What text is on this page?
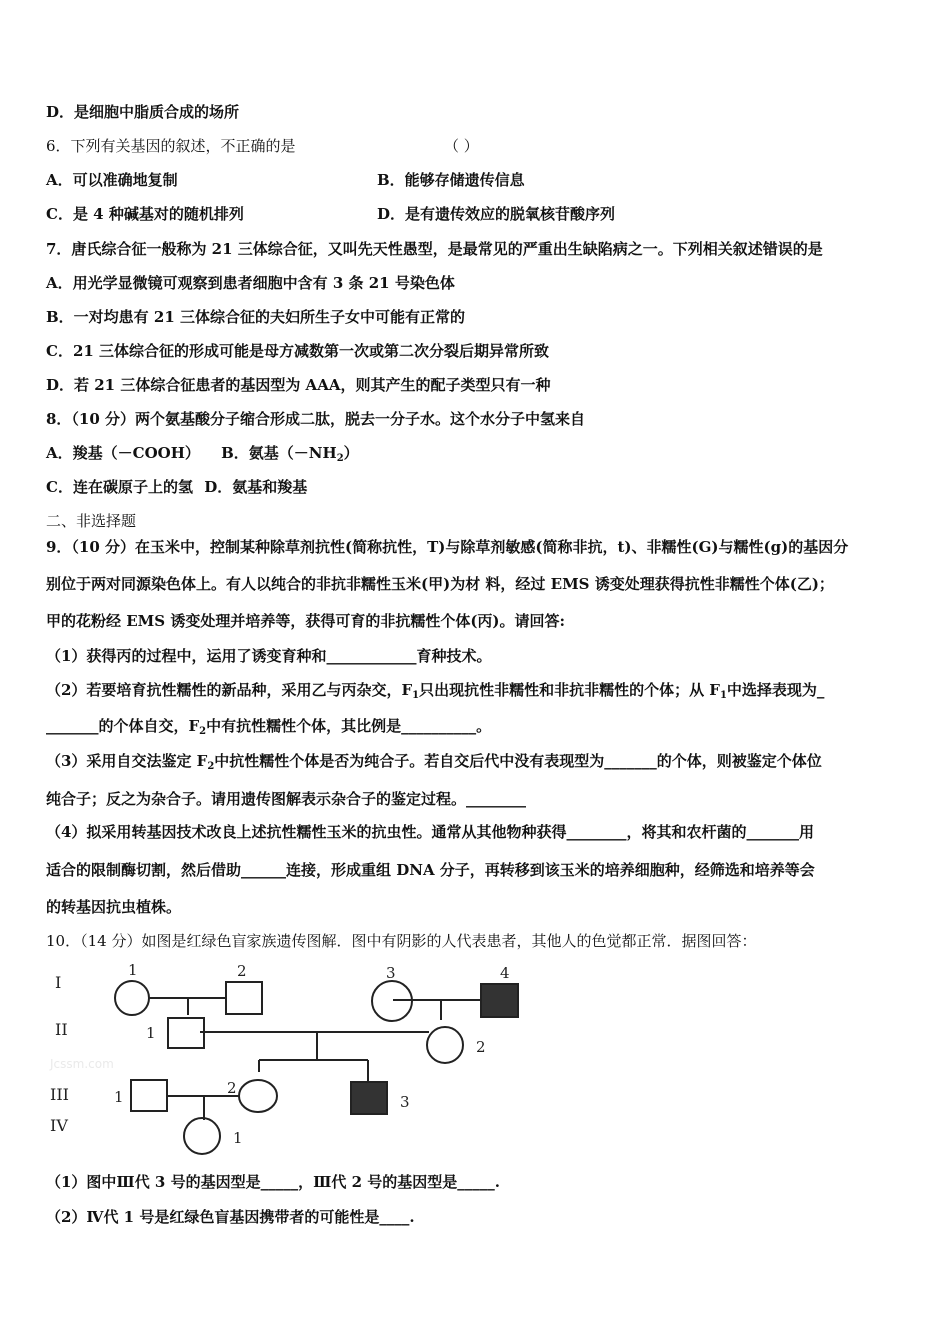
D．是细胞中脂质合成的场所
6．下列有关基因的叙述，不正确的是	（ ）
A．可以准确地复制	B．能够存储遗传信息
C．是 4 种碱基对的随机排列	D．是有遗传效应的脱氧核苷酸序列
7．唐氏综合征一般称为 21 三体综合征，又叫先天性愚型，是最常见的严重出生缺陷病之一。下列相关叙述错误的是
A．用光学显微镜可观察到患者细胞中含有 3 条 21 号染色体
B．一对均患有 21 三体综合征的夫妇所生子女中可能有正常的
C．21 三体综合征的形成可能是母方减数第一次或第二次分裂后期异常所致
D．若 21 三体综合征患者的基因型为 AAA，则其产生的配子类型只有一种
8．（10 分）两个氨基酸分子缩合形成二肽，脱去一分子水。这个水分子中氢来自
A．羧基（－COOH） B．氨基$(-NH_2)$
C．连在碳原子上的氢 D．氨基和羧基
二、非选择题
9．（10 分）在玉米中，控制某种除草剂抗性(简称抗性，T)与除草剂敏感(简称非抗，t)、非糯性(G)与糯性(g)的基因分
别位于两对同源染色体上。有人以纯合的非抗非糯性玉米(甲)为材 料，经过 EMS 诱变处理获得抗性非糯性个体(乙)；
甲的花粉经 EMS 诱变处理并培养等，获得可育的非抗糯性个体(丙)。请回答:
（1）获得丙的过程中，运用了诱变育种和____________育种技术。
（2）若要培育抗性糯性的新品种，采用乙与丙杂交，$F_1$只出现抗性非糯性和非抗非糯性的个体；从 $F_1$中选择表现为_
_______的个体自交，$F_2$中有抗性糯性个体，其比例是__________。
（3）采用自交法鉴定 $F_2$中抗性糯性个体是否为纯合子。若自交后代中没有表现型为_______的个体，则被鉴定个体位
纯合子；反之为杂合子。请用遗传图解表示杂合子的鉴定过程。________
（4）拟采用转基因技术改良上述抗性糯性玉米的抗虫性。通常从其他物种获得________，将其和农杆菌的_______用
适合的限制酶切割，然后借助______连接，形成重组 DNA 分子，再转移到该玉米的培养细胞种，经筛选和培养等会
的转基因抗虫植株。
10．（14 分）如图是红绿色盲家族遗传图解．图中有阴影的人代表患者，其他人的色觉都正常．据图回答：
I
II
III
IV
Jcssm.com
1	2	3	4
1
2
1	2
3
1
（1）图中Ⅲ代 3 号的基因型是_____，Ⅲ代 2 号的基因型是_____.
（2）Ⅳ代 1 号是红绿色盲基因携带者的可能性是____.
